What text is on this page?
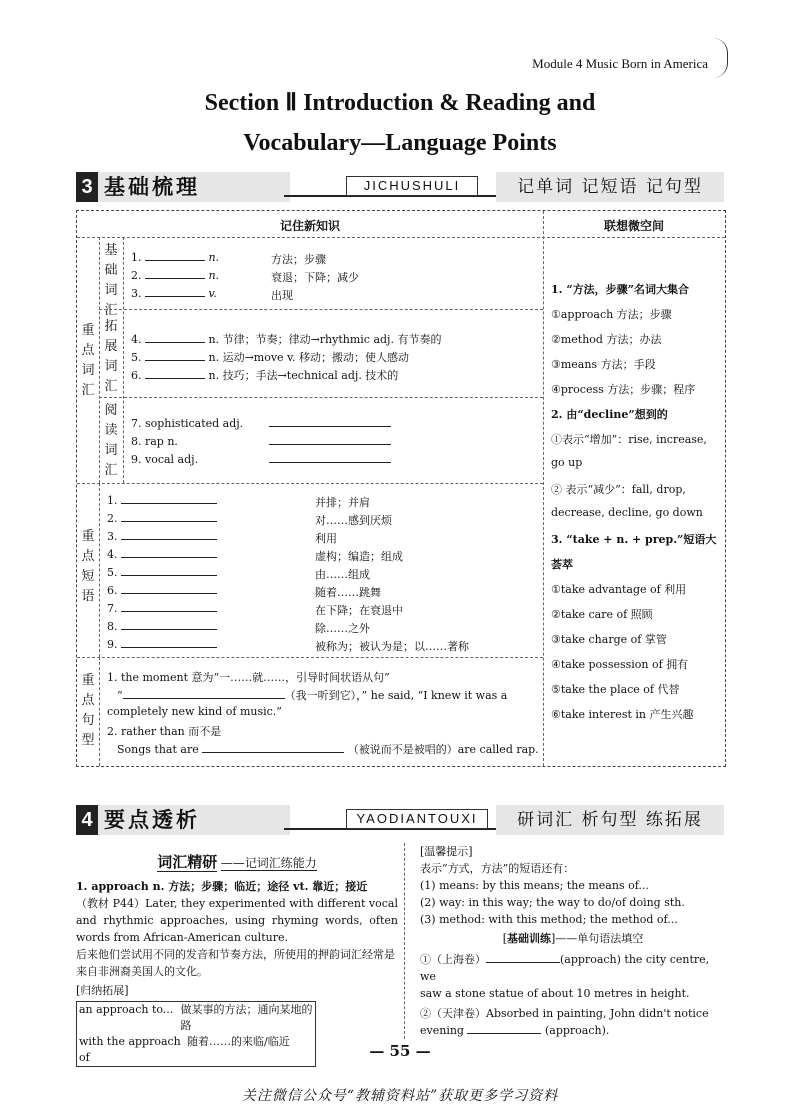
Module 4 Music Born in America
Section Ⅱ Introduction & Reading and
Vocabulary—Language Points
3 基础梳理	JICHUSHULI	记单词 记短语 记句型
记住新知识	联想微空间
重点词汇
基础词汇
拓展词汇
阅读词汇
1.	n.	方法；步骤
2.	n.	衰退；下降；减少
3.	v.	出现
4.	n. 节律；节奏；律动→rhythmic adj. 有节奏的
5.	n. 运动→move v. 移动；搬动；使人感动
6.	n. 技巧；手法→technical adj. 技术的
7. sophisticated adj.
8. rap n.
9. vocal adj.
重点短语
1.	并排；并肩
2.	对……感到厌烦
3.	利用
4.	虚构；编造；组成
5.	由……组成
6.	随着……跳舞
7.	在下降；在衰退中
8.	除……之外
9.	被称为；被认为是；以……著称
重点句型
1. the moment 意为“一……就……，引导时间状语从句”
“	（我一听到它），” he said, “I knew it was a
completely new kind of music.”
2. rather than 而不是
Songs that are	（被说而不是被唱的）are called rap.
1. “方法，步骤”名词大集合
①approach 方法；步骤
②method 方法；办法
③means 方法；手段
④process 方法；步骤；程序
2. 由“decline”想到的
①表示“增加”：rise, increase,
go up
② 表示“减少”：fall, drop,
decrease, decline, go down
3. “take + n. + prep.”短语大
荟萃
①take advantage of 利用
②take care of 照顾
③take charge of 掌管
④take possession of 拥有
⑤take the place of 代替
⑥take interest in 产生兴趣
4 要点透析	YAODIANTOUXI	研词汇 析句型 练拓展
词汇精研 ——记词汇练能力
1. approach n. 方法；步骤；临近；途径 vt. 靠近；接近
（教材 P44）Later, they experimented with different vocal and rhythmic approaches, using rhyming words, often words from African-American culture.
后来他们尝试用不同的发音和节奏方法，所使用的押韵词汇经常是来自非洲裔美国人的文化。
[归纳拓展]
an approach to... 做某事的方法；通向某地的路
with the approach of
随着……的来临/临近
[温馨提示]
表示“方式，方法”的短语还有：
(1) means: by this means; the means of...
(2) way: in this way; the way to do/of doing sth.
(3) method: with this method; the method of...
[基础训练]——单句语法填空
①（上海卷）	(approach) the city centre, we
saw a stone statue of about 10 metres in height.
②（天津卷）Absorbed in painting, John didn't notice
evening	(approach).
— 55 —
关注微信公众号“教辅资料站”获取更多学习资料
